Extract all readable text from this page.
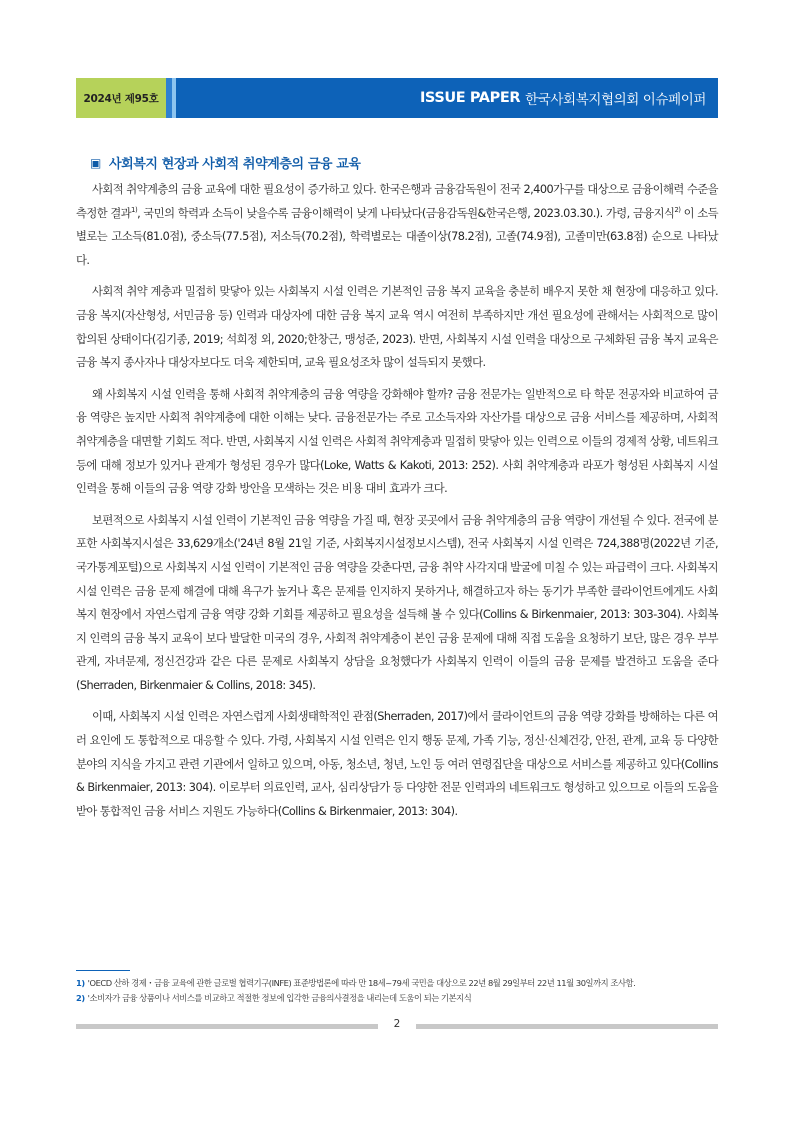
2024년 제95호	ISSUE PAPER 한국사회복지협의회 이슈페이퍼
▣ 사회복지 현장과 사회적 취약계층의 금융 교육

사회적 취약계층의 금융 교육에 대한 필요성이 증가하고 있다. 한국은행과 금융감독원이 전국 2,400가구를 대상으로 금융이해력 수준을 측정한 결과$^{1)}$, 국민의 학력과 소득이 낮을수록 금융이해력이 낮게 나타났다(금융감독원&한국은행, 2023.03.30.). 가령, 금융지식$^{2)}$ 이 소득별로는 고소득(81.0점), 중소득(77.5점), 저소득(70.2점), 학력별로는 대졸이상(78.2점), 고졸(74.9점), 고졸미만(63.8점) 순으로 나타났다.

사회적 취약 계층과 밀접히 맞닿아 있는 사회복지 시설 인력은 기본적인 금융 복지 교육을 충분히 배우지 못한 채 현장에 대응하고 있다. 금융 복지(자산형성, 서민금융 등) 인력과 대상자에 대한 금융 복지 교육 역시 여전히 부족하지만 개선 필요성에 관해서는 사회적으로 많이 합의된 상태이다(김기종, 2019; 석희정 외, 2020;한창근, 맹성준, 2023). 반면, 사회복지 시설 인력을 대상으로 구체화된 금융 복지 교육은 금융 복지 종사자나 대상자보다도 더욱 제한되며, 교육 필요성조차 많이 설득되지 못했다.

왜 사회복지 시설 인력을 통해 사회적 취약계층의 금융 역량을 강화해야 할까? 금융 전문가는 일반적으로 타 학문 전공자와 비교하여 금융 역량은 높지만 사회적 취약계층에 대한 이해는 낮다. 금융전문가는 주로 고소득자와 자산가를 대상으로 금융 서비스를 제공하며, 사회적 취약계층을 대면할 기회도 적다. 반면, 사회복지 시설 인력은 사회적 취약계층과 밀접히 맞닿아 있는 인력으로 이들의 경제적 상황, 네트워크 등에 대해 정보가 있거나 관계가 형성된 경우가 많다(Loke, Watts & Kakoti, 2013: 252). 사회 취약계층과 라포가 형성된 사회복지 시설 인력을 통해 이들의 금융 역량 강화 방안을 모색하는 것은 비용 대비 효과가 크다.

보편적으로 사회복지 시설 인력이 기본적인 금융 역량을 가질 때, 현장 곳곳에서 금융 취약계층의 금융 역량이 개선될 수 있다. 전국에 분포한 사회복지시설은 33,629개소('24년 8월 21일 기준, 사회복지시설정보시스템), 전국 사회복지 시설 인력은 724,388명(2022년 기준, 국가통계포털)으로 사회복지 시설 인력이 기본적인 금융 역량을 갖춘다면, 금융 취약 사각지대 발굴에 미칠 수 있는 파급력이 크다. 사회복지 시설 인력은 금융 문제 해결에 대해 욕구가 높거나 혹은 문제를 인지하지 못하거나, 해결하고자 하는 동기가 부족한 클라이언트에게도 사회복지 현장에서 자연스럽게 금융 역량 강화 기회를 제공하고 필요성을 설득해 볼 수 있다(Collins & Birkenmaier, 2013: 303-304). 사회복지 인력의 금융 복지 교육이 보다 발달한 미국의 경우, 사회적 취약계층이 본인 금융 문제에 대해 직접 도움을 요청하기 보단, 많은 경우 부부관계, 자녀문제, 정신건강과 같은 다른 문제로 사회복지 상담을 요청했다가 사회복지 인력이 이들의 금융 문제를 발견하고 도움을 준다(Sherraden, Birkenmaier & Collins, 2018: 345).

이때, 사회복지 시설 인력은 자연스럽게 사회생태학적인 관점(Sherraden, 2017)에서 클라이언트의 금융 역량 강화를 방해하는 다른 여러 요인에 도 통합적으로 대응할 수 있다. 가령, 사회복지 시설 인력은 인지 행동 문제, 가족 기능, 정신·신체건강, 안전, 관계, 교육 등 다양한 분야의 지식을 가지고 관련 기관에서 일하고 있으며, 아동, 청소년, 청년, 노인 등 여러 연령집단을 대상으로 서비스를 제공하고 있다(Collins & Birkenmaier, 2013: 304). 이로부터 의료인력, 교사, 심리상담가 등 다양한 전문 인력과의 네트워크도 형성하고 있으므로 이들의 도움을 받아 통합적인 금융 서비스 지원도 가능하다(Collins & Birkenmaier, 2013: 304).

1) 'OECD 산하 경제・금융 교육에 관한 글로벌 협력기구(INFE) 표준방법론에 따라 만 18세~79세 국민을 대상으로 22년 8월 29일부터 22년 11월 30일까지 조사함.
2) '소비자가 금융 상품이나 서비스를 비교하고 적절한 정보에 입각한 금융의사결정을 내리는데 도움이 되는 기본지식
2
